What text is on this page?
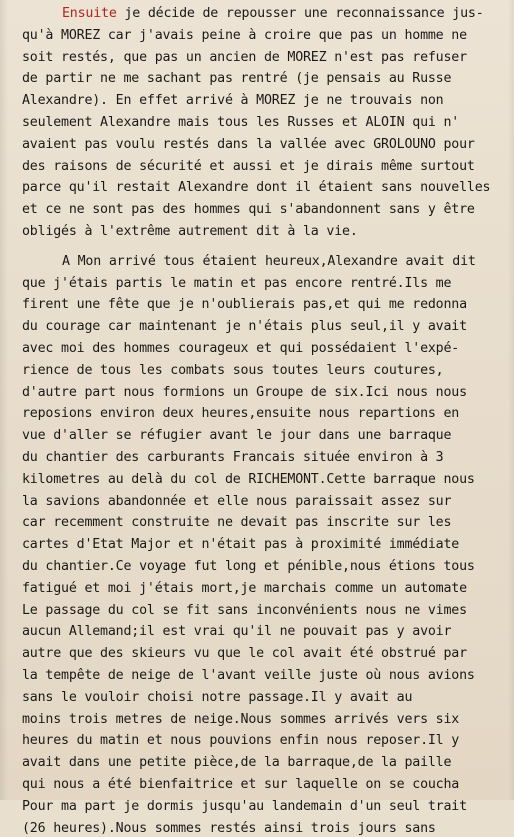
Ensuite je décide de repousser une reconnaissance jus-
qu'à MOREZ car j'avais peine à croire que pas un homme ne
soit restés, que pas un ancien de MOREZ n'est pas refuser
de partir ne me sachant pas rentré (je pensais au Russe
Alexandre). En effet arrivé à MOREZ je ne trouvais non
seulement Alexandre mais tous les Russes et ALOIN qui n'
avaient pas voulu restés dans la vallée avec GROLOUNO pour
des raisons de sécurité et aussi et je dirais même surtout
parce qu'il restait Alexandre dont il étaient sans nouvelles
et ce ne sont pas des hommes qui s'abandonnent sans y être
obligés à l'extrême autrement dit à la vie.
A Mon arrivé tous étaient heureux,Alexandre avait dit
que j'étais partis le matin et pas encore rentré.Ils me
firent une fête que je n'oublierais pas,et qui me redonna
du courage car maintenant je n'étais plus seul,il y avait
avec moi des hommes courageux et qui possédaient l'expé-
rience de tous les combats sous toutes leurs coutures,
d'autre part nous formions un Groupe de six.Ici nous nous
reposions environ deux heures,ensuite nous repartions en
vue d'aller se réfugier avant le jour dans une barraque
du chantier des carburants Francais située environ à 3
kilometres au delà du col de RICHEMONT.Cette barraque nous
la savions abandonnée et elle nous paraissait assez sur
car recemment construite ne devait pas inscrite sur les
cartes d'Etat Major et n'était pas à proximité immédiate
du chantier.Ce voyage fut long et pénible,nous étions tous
fatigué et moi j'étais mort,je marchais comme un automate
Le passage du col se fit sans inconvénients nous ne vimes
aucun Allemand;il est vrai qu'il ne pouvait pas y avoir
autre que des skieurs vu que le col avait été obstrué par
la tempête de neige de l'avant veille juste où nous avions
sans le vouloir choisi notre passage.Il y avait au
moins trois metres de neige.Nous sommes arrivés vers six
heures du matin et nous pouvions enfin nous reposer.Il y
avait dans une petite pièce,de la barraque,de la paille
qui nous a été bienfaitrice et sur laquelle on se coucha
Pour ma part je dormis jusqu'au landemain d'un seul trait
(26 heures).Nous sommes restés ainsi trois jours sans
